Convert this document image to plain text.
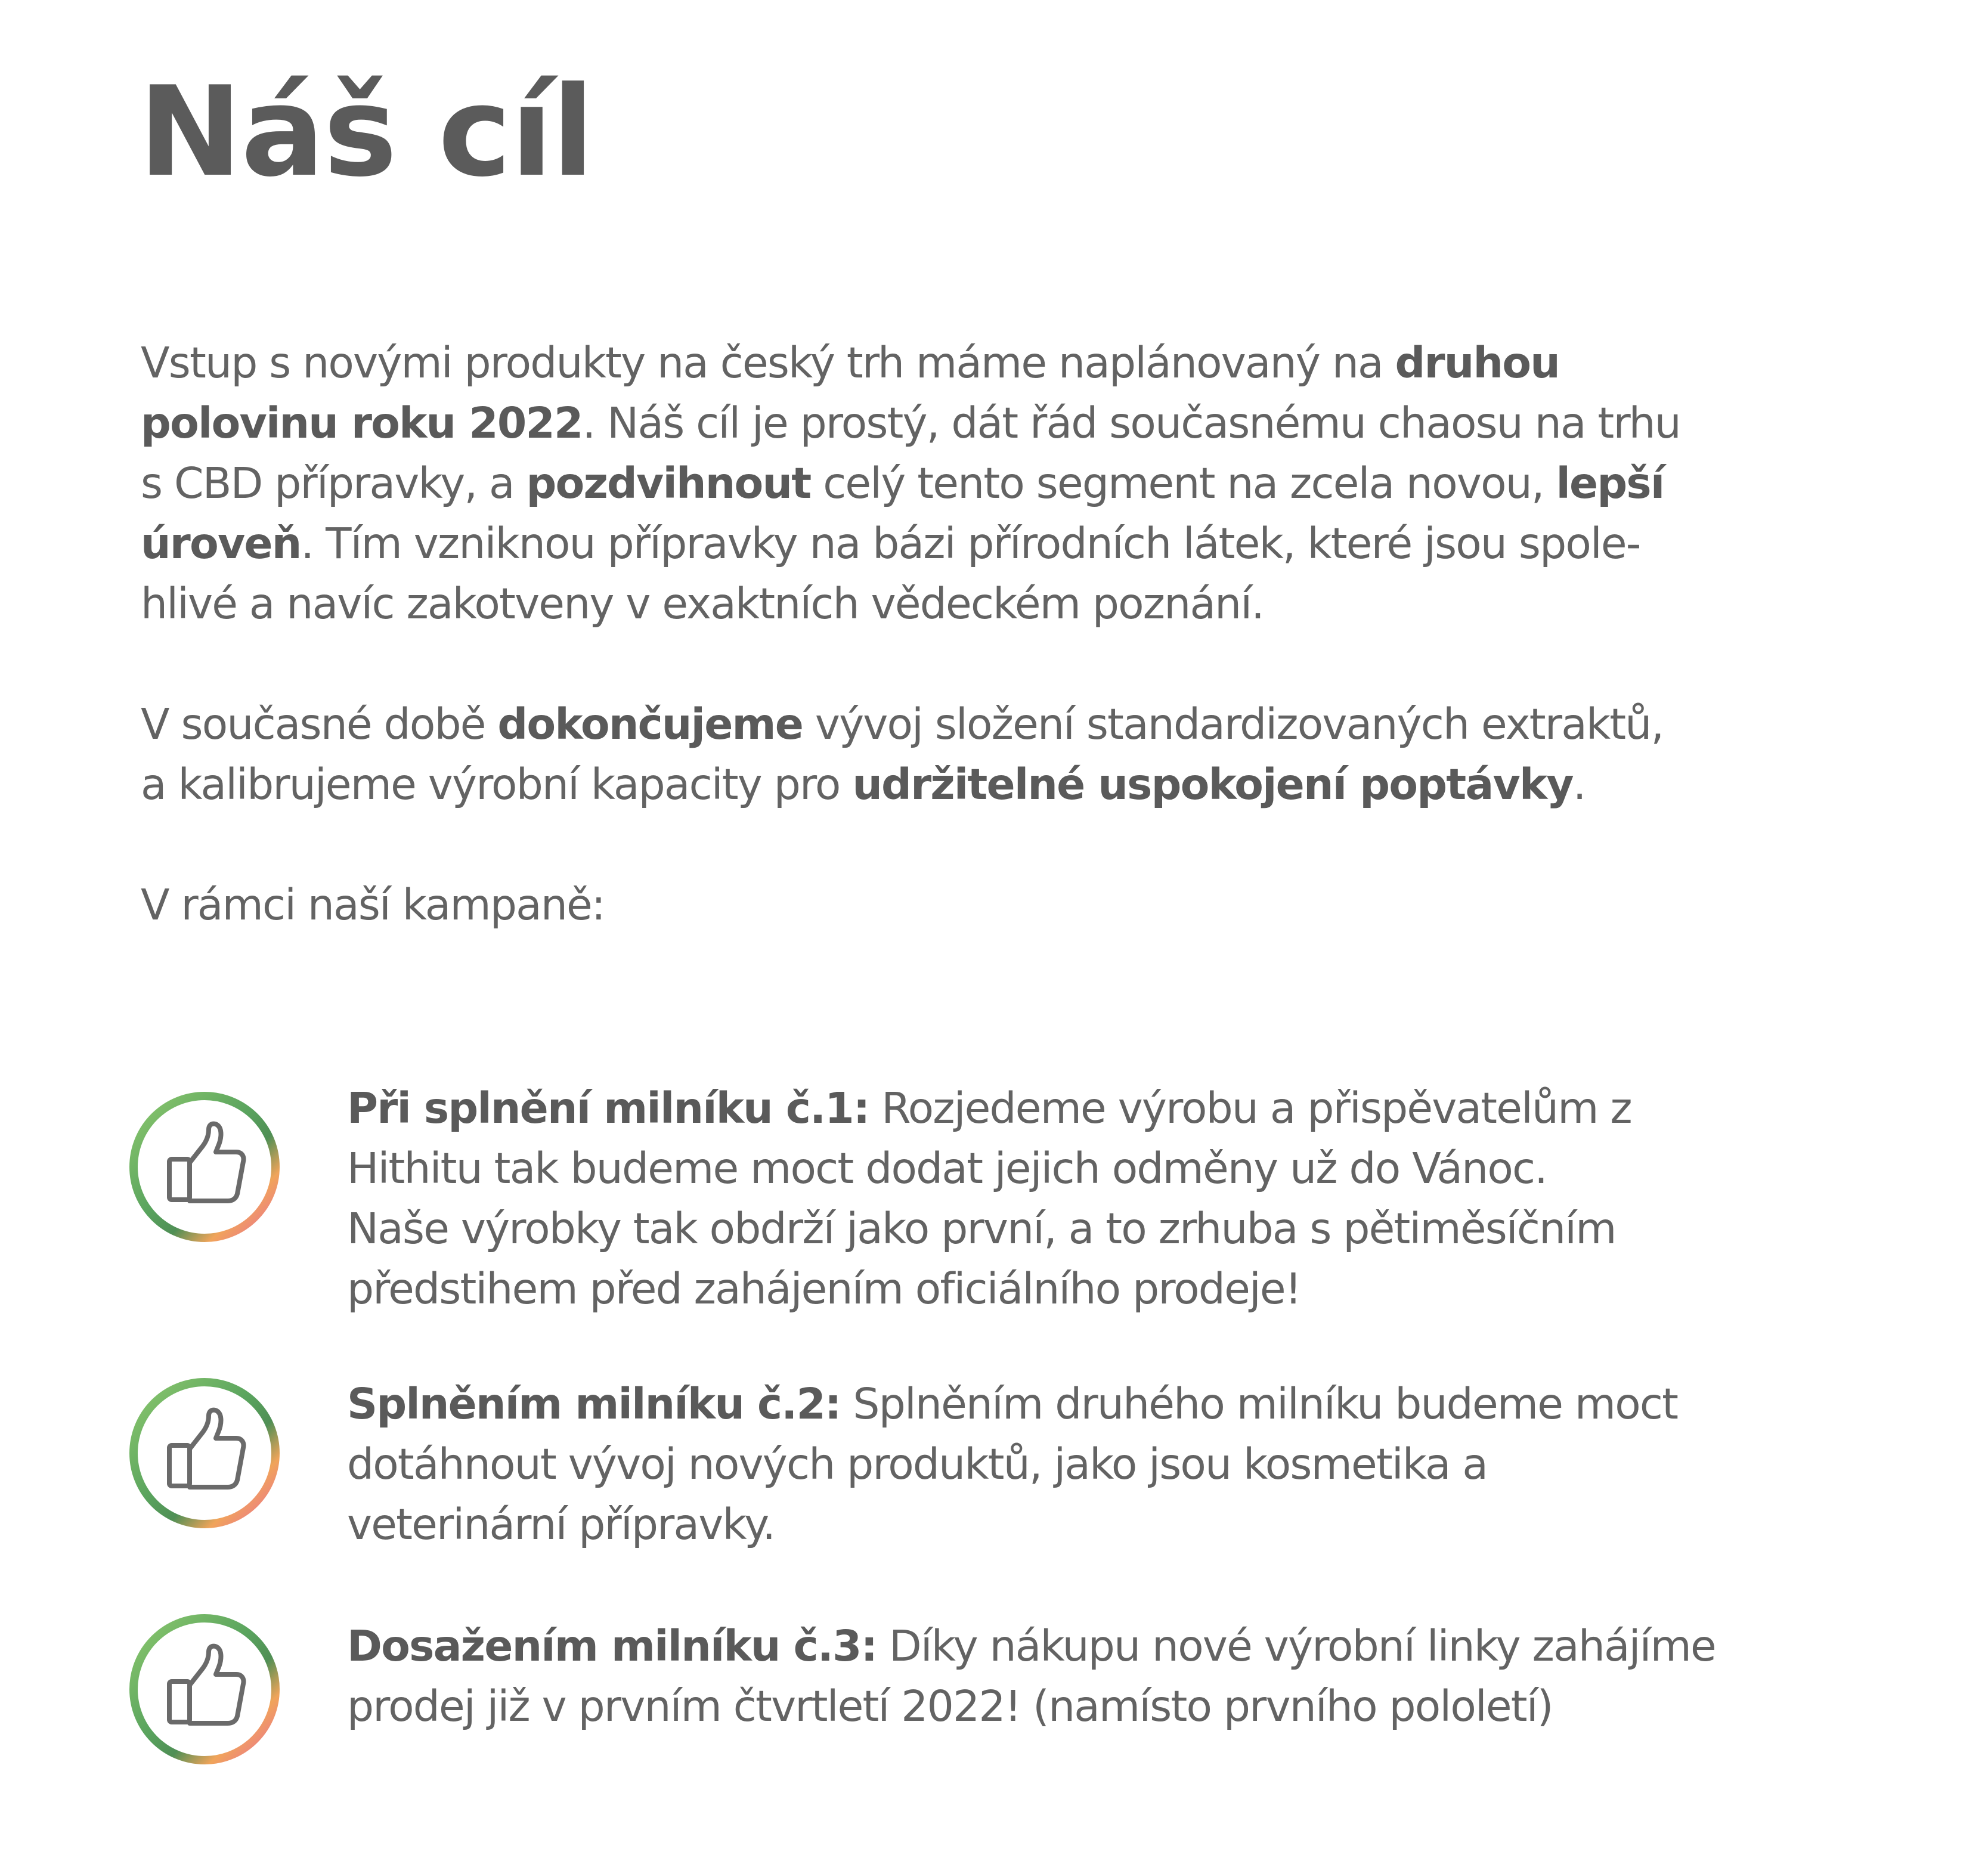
Náš cíl

Vstup s novými produkty na český trh máme naplánovaný na druhou
polovinu roku 2022. Náš cíl je prostý, dát řád současnému chaosu na trhu
s CBD přípravky, a pozdvihnout celý tento segment na zcela novou, lepší
úroveň. Tím vzniknou přípravky na bázi přírodních látek, které jsou spole-
hlivé a navíc zakotveny v exaktních vědeckém poznání.

V současné době dokončujeme vývoj složení standardizovaných extraktů,
a kalibrujeme výrobní kapacity pro udržitelné uspokojení poptávky.

V rámci naší kampaně:

Při splnění milníku č.1: Rozjedeme výrobu a přispěvatelům z
Hithitu tak budeme moct dodat jejich odměny už do Vánoc.
Naše výrobky tak obdrží jako první, a to zrhuba s pětiměsíčním
předstihem před zahájením oficiálního prodeje!

Splněním milníku č.2: Splněním druhého milníku budeme moct
dotáhnout vývoj nových produktů, jako jsou kosmetika a
veterinární přípravky.

Dosažením milníku č.3: Díky nákupu nové výrobní linky zahájíme
prodej již v prvním čtvrtletí 2022! (namísto prvního pololetí)
